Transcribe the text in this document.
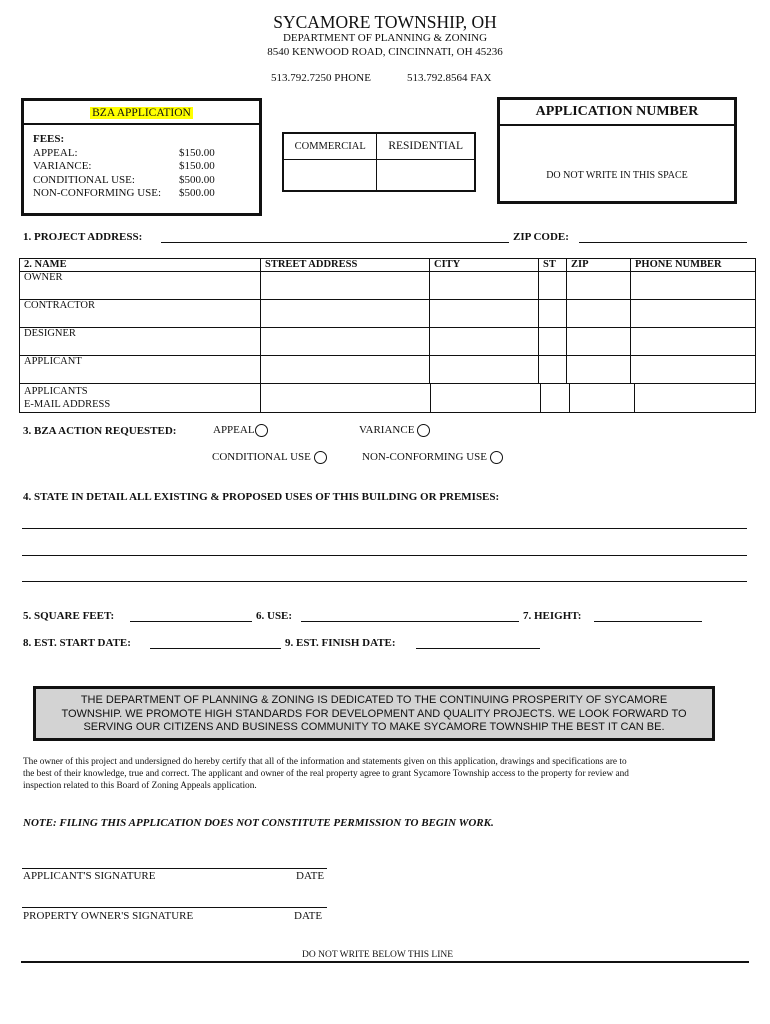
SYCAMORE TOWNSHIP, OH
DEPARTMENT OF PLANNING & ZONING
8540 KENWOOD ROAD, CINCINNATI, OH 45236
513.792.7250 PHONE	513.792.8564 FAX
BZA APPLICATION
FEES:
APPEAL:	$150.00
VARIANCE:	$150.00
CONDITIONAL USE:	$500.00
NON-CONFORMING USE: $500.00
COMMERCIAL	RESIDENTIAL

APPLICATION NUMBER
DO NOT WRITE IN THIS SPACE
1. PROJECT ADDRESS:	ZIP CODE:
2. NAME	STREET ADDRESS	CITY	ST	ZIP	PHONE NUMBER
OWNER					
CONTRACTOR					
DESIGNER					
APPLICANT					

APPLICANTS
E-MAIL ADDRESS					

3. BZA ACTION REQUESTED:	APPEAL	VARIANCE
CONDITIONAL USE	NON-CONFORMING USE
4. STATE IN DETAIL ALL EXISTING & PROPOSED USES OF THIS BUILDING OR PREMISES:
5. SQUARE FEET:	6. USE:	7. HEIGHT:
8. EST. START DATE:	9. EST. FINISH DATE:
THE DEPARTMENT OF PLANNING & ZONING IS DEDICATED TO THE CONTINUING PROSPERITY OF SYCAMORE
TOWNSHIP. WE PROMOTE HIGH STANDARDS FOR DEVELOPMENT AND QUALITY PROJECTS. WE LOOK FORWARD TO
SERVING OUR CITIZENS AND BUSINESS COMMUNITY TO MAKE SYCAMORE TOWNSHIP THE BEST IT CAN BE.
The owner of this project and undersigned do hereby certify that all of the information and statements given on this application, drawings and specifications are to
the best of their knowledge, true and correct. The applicant and owner of the real property agree to grant Sycamore Township access to the property for review and
inspection related to this Board of Zoning Appeals application.
NOTE: FILING THIS APPLICATION DOES NOT CONSTITUTE PERMISSION TO BEGIN WORK.
APPLICANT'S SIGNATURE	DATE
PROPERTY OWNER'S SIGNATURE	DATE
DO NOT WRITE BELOW THIS LINE
